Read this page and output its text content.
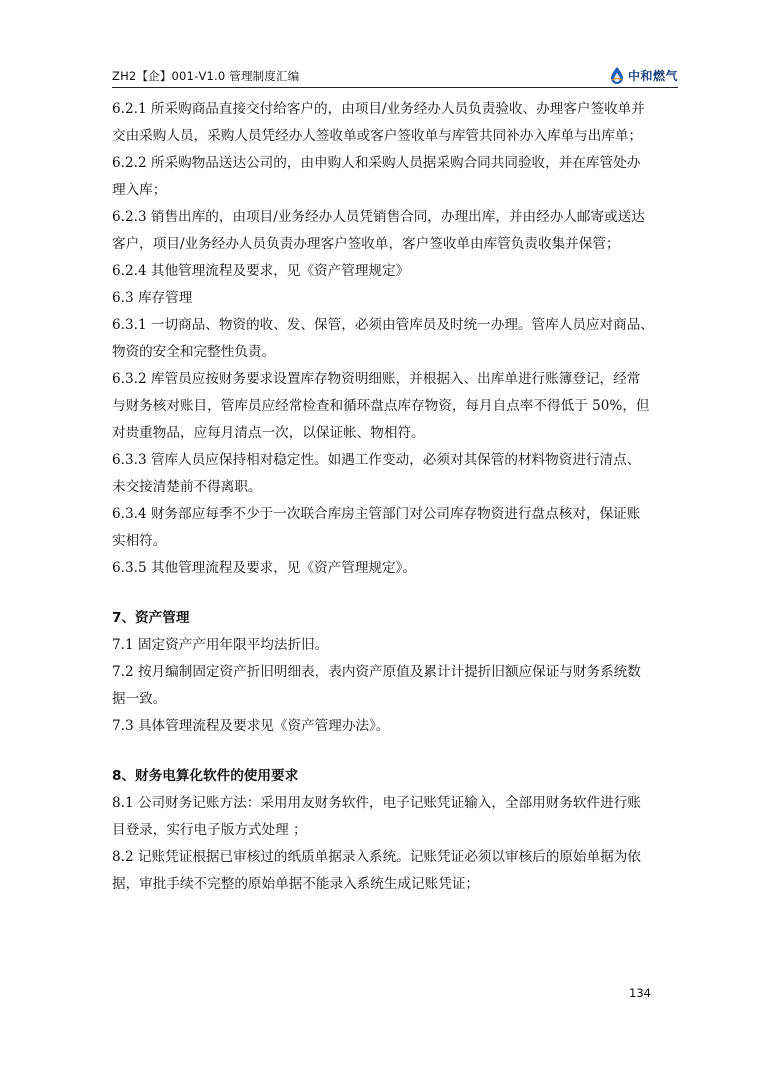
ZH2【企】001-V1.0 管理制度汇编	中和燃气
6.2.1 所采购商品直接交付给客户的，由项目/业务经办人员负责验收、办理客户签收单并
交由采购人员，采购人员凭经办人签收单或客户签收单与库管共同补办入库单与出库单；
6.2.2 所采购物品送达公司的，由申购人和采购人员据采购合同共同验收，并在库管处办
理入库；
6.2.3 销售出库的，由项目/业务经办人员凭销售合同，办理出库，并由经办人邮寄或送达
客户，项目/业务经办人员负责办理客户签收单，客户签收单由库管负责收集并保管；
6.2.4 其他管理流程及要求，见《资产管理规定》
6.3 库存管理
6.3.1 一切商品、物资的收、发、保管，必须由管库员及时统一办理。管库人员应对商品、
物资的安全和完整性负责。
6.3.2 库管员应按财务要求设置库存物资明细账，并根据入、出库单进行账簿登记，经常
与财务核对账目，管库员应经常检查和循环盘点库存物资，每月自点率不得低于 50%，但
对贵重物品，应每月清点一次，以保证帐、物相符。
6.3.3 管库人员应保持相对稳定性。如遇工作变动，必须对其保管的材料物资进行清点、
未交接清楚前不得离职。
6.3.4 财务部应每季不少于一次联合库房主管部门对公司库存物资进行盘点核对，保证账
实相符。
6.3.5 其他管理流程及要求，见《资产管理规定》。
7、资产管理
7.1 固定资产产用年限平均法折旧。
7.2 按月编制固定资产折旧明细表，表内资产原值及累计计提折旧额应保证与财务系统数
据一致。
7.3 具体管理流程及要求见《资产管理办法》。
8、财务电算化软件的使用要求
8.1 公司财务记账方法：采用用友财务软件，电子记账凭证输入，全部用财务软件进行账
目登录，实行电子版方式处理 ；
8.2 记账凭证根据已审核过的纸质单据录入系统。记账凭证必须以审核后的原始单据为依
据，审批手续不完整的原始单据不能录入系统生成记账凭证；
134
